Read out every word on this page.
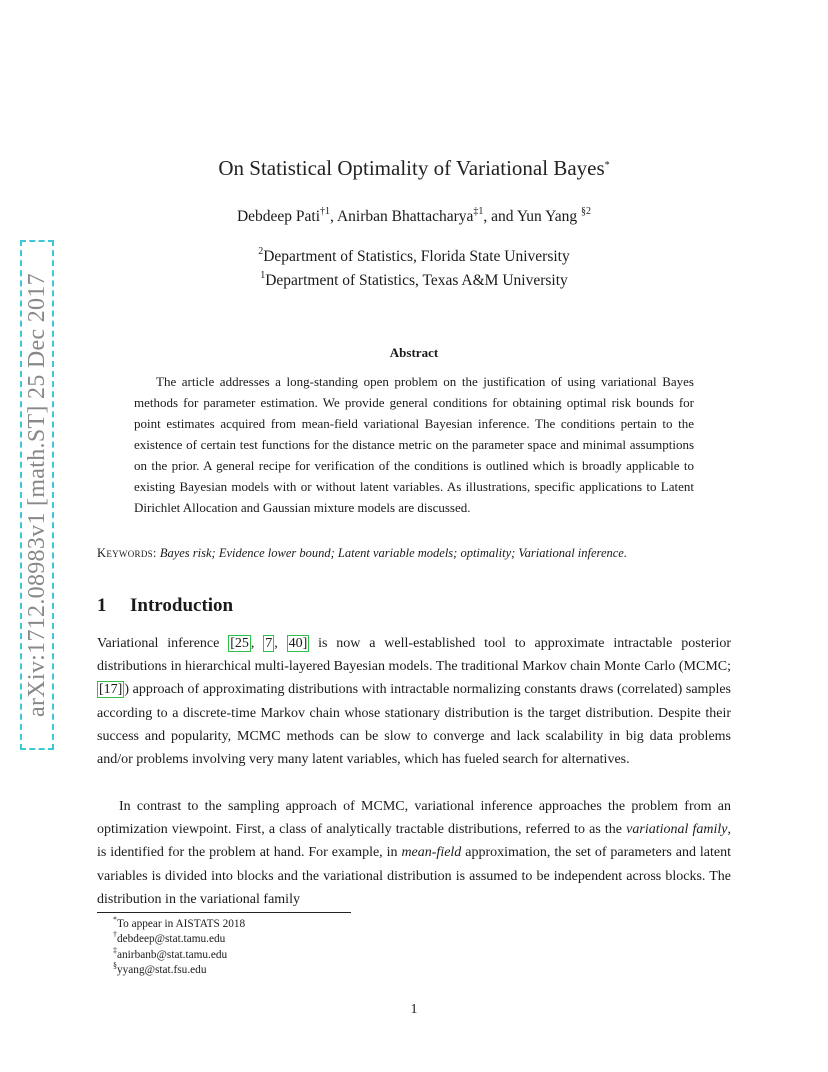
arXiv:1712.08983v1 [math.ST] 25 Dec 2017
On Statistical Optimality of Variational Bayes*
Debdeep Pati$^{\dagger 1}$, Anirban Bhattacharya$^{\ddagger 1}$, and Yun Yang $^{\S 2}$
$^2$Department of Statistics, Florida State University
$^1$Department of Statistics, Texas A&M University
Abstract
The article addresses a long-standing open problem on the justification of using variational Bayes methods for parameter estimation. We provide general conditions for obtaining optimal risk bounds for point estimates acquired from mean-field variational Bayesian inference. The conditions pertain to the existence of certain test functions for the distance metric on the parameter space and minimal assumptions on the prior. A general recipe for verification of the conditions is outlined which is broadly applicable to existing Bayesian models with or without latent variables. As illustrations, specific applications to Latent Dirichlet Allocation and Gaussian mixture models are discussed.
Keywords: Bayes risk; Evidence lower bound; Latent variable models; optimality; Variational inference.
1 Introduction

Variational inference [25 , 7 , 40] is now a well-established tool to approximate intractable posterior distributions in hierarchical multi-layered Bayesian models. The traditional Markov chain Monte Carlo (MCMC; [17] ) approach of approximating distributions with intractable normalizing constants draws (correlated) samples according to a discrete-time Markov chain whose stationary distribution is the target distribution. Despite their success and popularity, MCMC methods can be slow to converge and lack scalability in big data problems and/or problems involving very many latent variables, which has fueled search for alternatives.

In contrast to the sampling approach of MCMC, variational inference approaches the problem from an optimization viewpoint. First, a class of analytically tractable distributions, referred to as the variational family, is identified for the problem at hand. For example, in mean-field approximation, the set of parameters and latent variables is divided into blocks and the variational distribution is assumed to be independent across blocks. The distribution in the variational family

*To appear in AISTATS 2018
†debdeep@stat.tamu.edu
‡anirbanb@stat.tamu.edu
§yyang@stat.fsu.edu
1
